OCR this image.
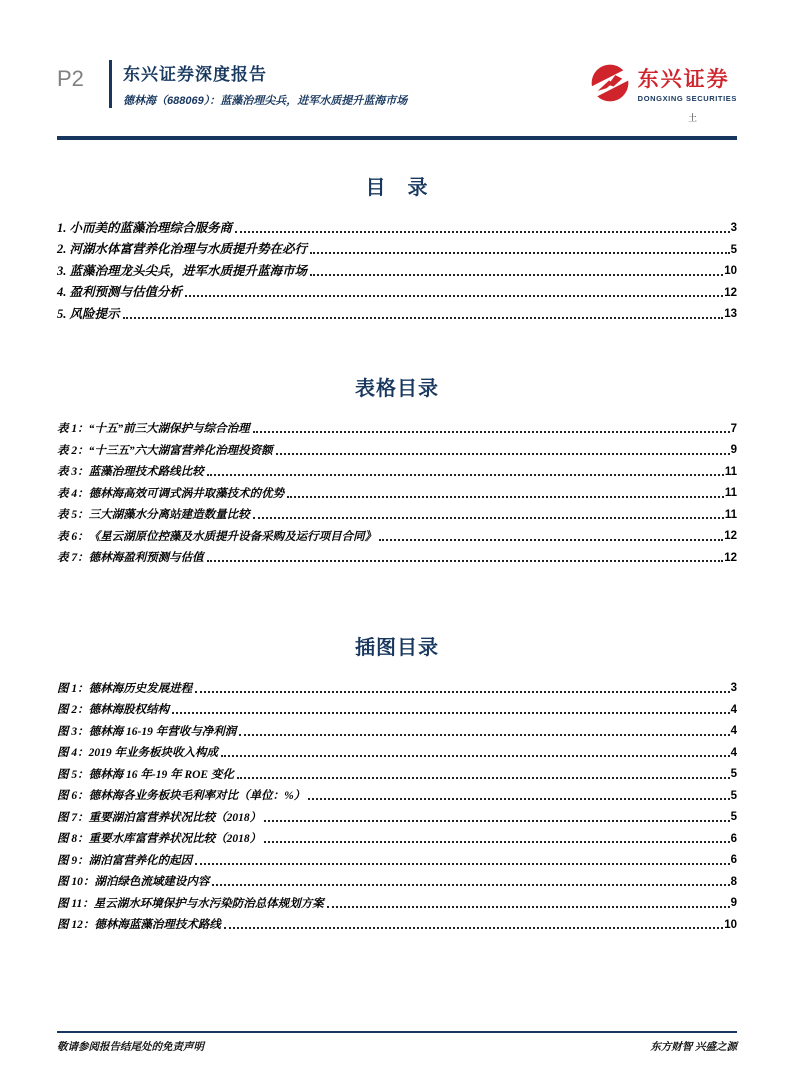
P2	东兴证券深度报告
德林海（688069）：蓝藻治理尖兵，进军水质提升蓝海市场
东兴证券
DONGXING SECURITIES
土
目　录
1. 小而美的蓝藻治理综合服务商	3
2. 河湖水体富营养化治理与水质提升势在必行	5
3. 蓝藻治理龙头尖兵，进军水质提升蓝海市场	10
4. 盈利预测与估值分析	12
5. 风险提示	13
表格目录
表 1：“十五”前三大湖保护与综合治理	7
表 2：“十三五”六大湖富营养化治理投资额	9
表 3：蓝藻治理技术路线比较	11
表 4：德林海高效可调式涡井取藻技术的优势	11
表 5：三大湖藻水分离站建造数量比较	11
表 6：《星云湖原位控藻及水质提升设备采购及运行项目合同》	12
表 7：德林海盈利预测与估值	12
插图目录
图 1：德林海历史发展进程	3
图 2：德林海股权结构	4
图 3：德林海 16-19 年营收与净利润	4
图 4：2019 年业务板块收入构成	4
图 5：德林海 16 年-19 年 ROE 变化	5
图 6：德林海各业务板块毛利率对比（单位：%）	5
图 7：重要湖泊富营养状况比较（2018）	5
图 8：重要水库富营养状况比较（2018）	6
图 9：湖泊富营养化的起因	6
图 10：湖泊绿色流域建设内容	8
图 11：星云湖水环境保护与水污染防治总体规划方案	9
图 12：德林海蓝藻治理技术路线	10
敬请参阅报告结尾处的免责声明	东方财智 兴盛之源
